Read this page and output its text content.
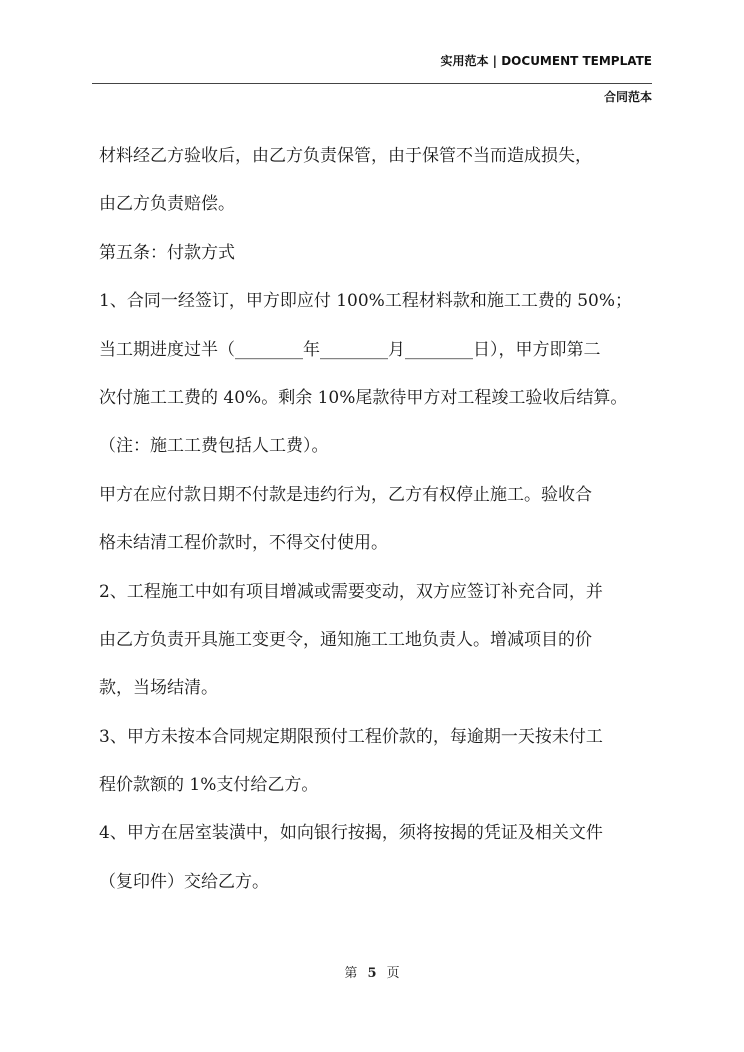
实用范本 | DOCUMENT TEMPLATE
合同范本
材料经乙方验收后，由乙方负责保管，由于保管不当而造成损失，
由乙方负责赔偿。
第五条：付款方式
1、合同一经签订，甲方即应付 100%工程材料款和施工工费的 50%；
当工期进度过半（________年________月________日），甲方即第二
次付施工工费的 40%。剩余 10%尾款待甲方对工程竣工验收后结算。
（注：施工工费包括人工费）。
甲方在应付款日期不付款是违约行为，乙方有权停止施工。验收合
格未结清工程价款时，不得交付使用。
2、工程施工中如有项目增减或需要变动，双方应签订补充合同，并
由乙方负责开具施工变更令，通知施工工地负责人。增减项目的价
款，当场结清。
3、甲方未按本合同规定期限预付工程价款的，每逾期一天按未付工
程价款额的 1%支付给乙方。
4、甲方在居室装潢中，如向银行按揭，须将按揭的凭证及相关文件
（复印件）交给乙方。
第 5 页
